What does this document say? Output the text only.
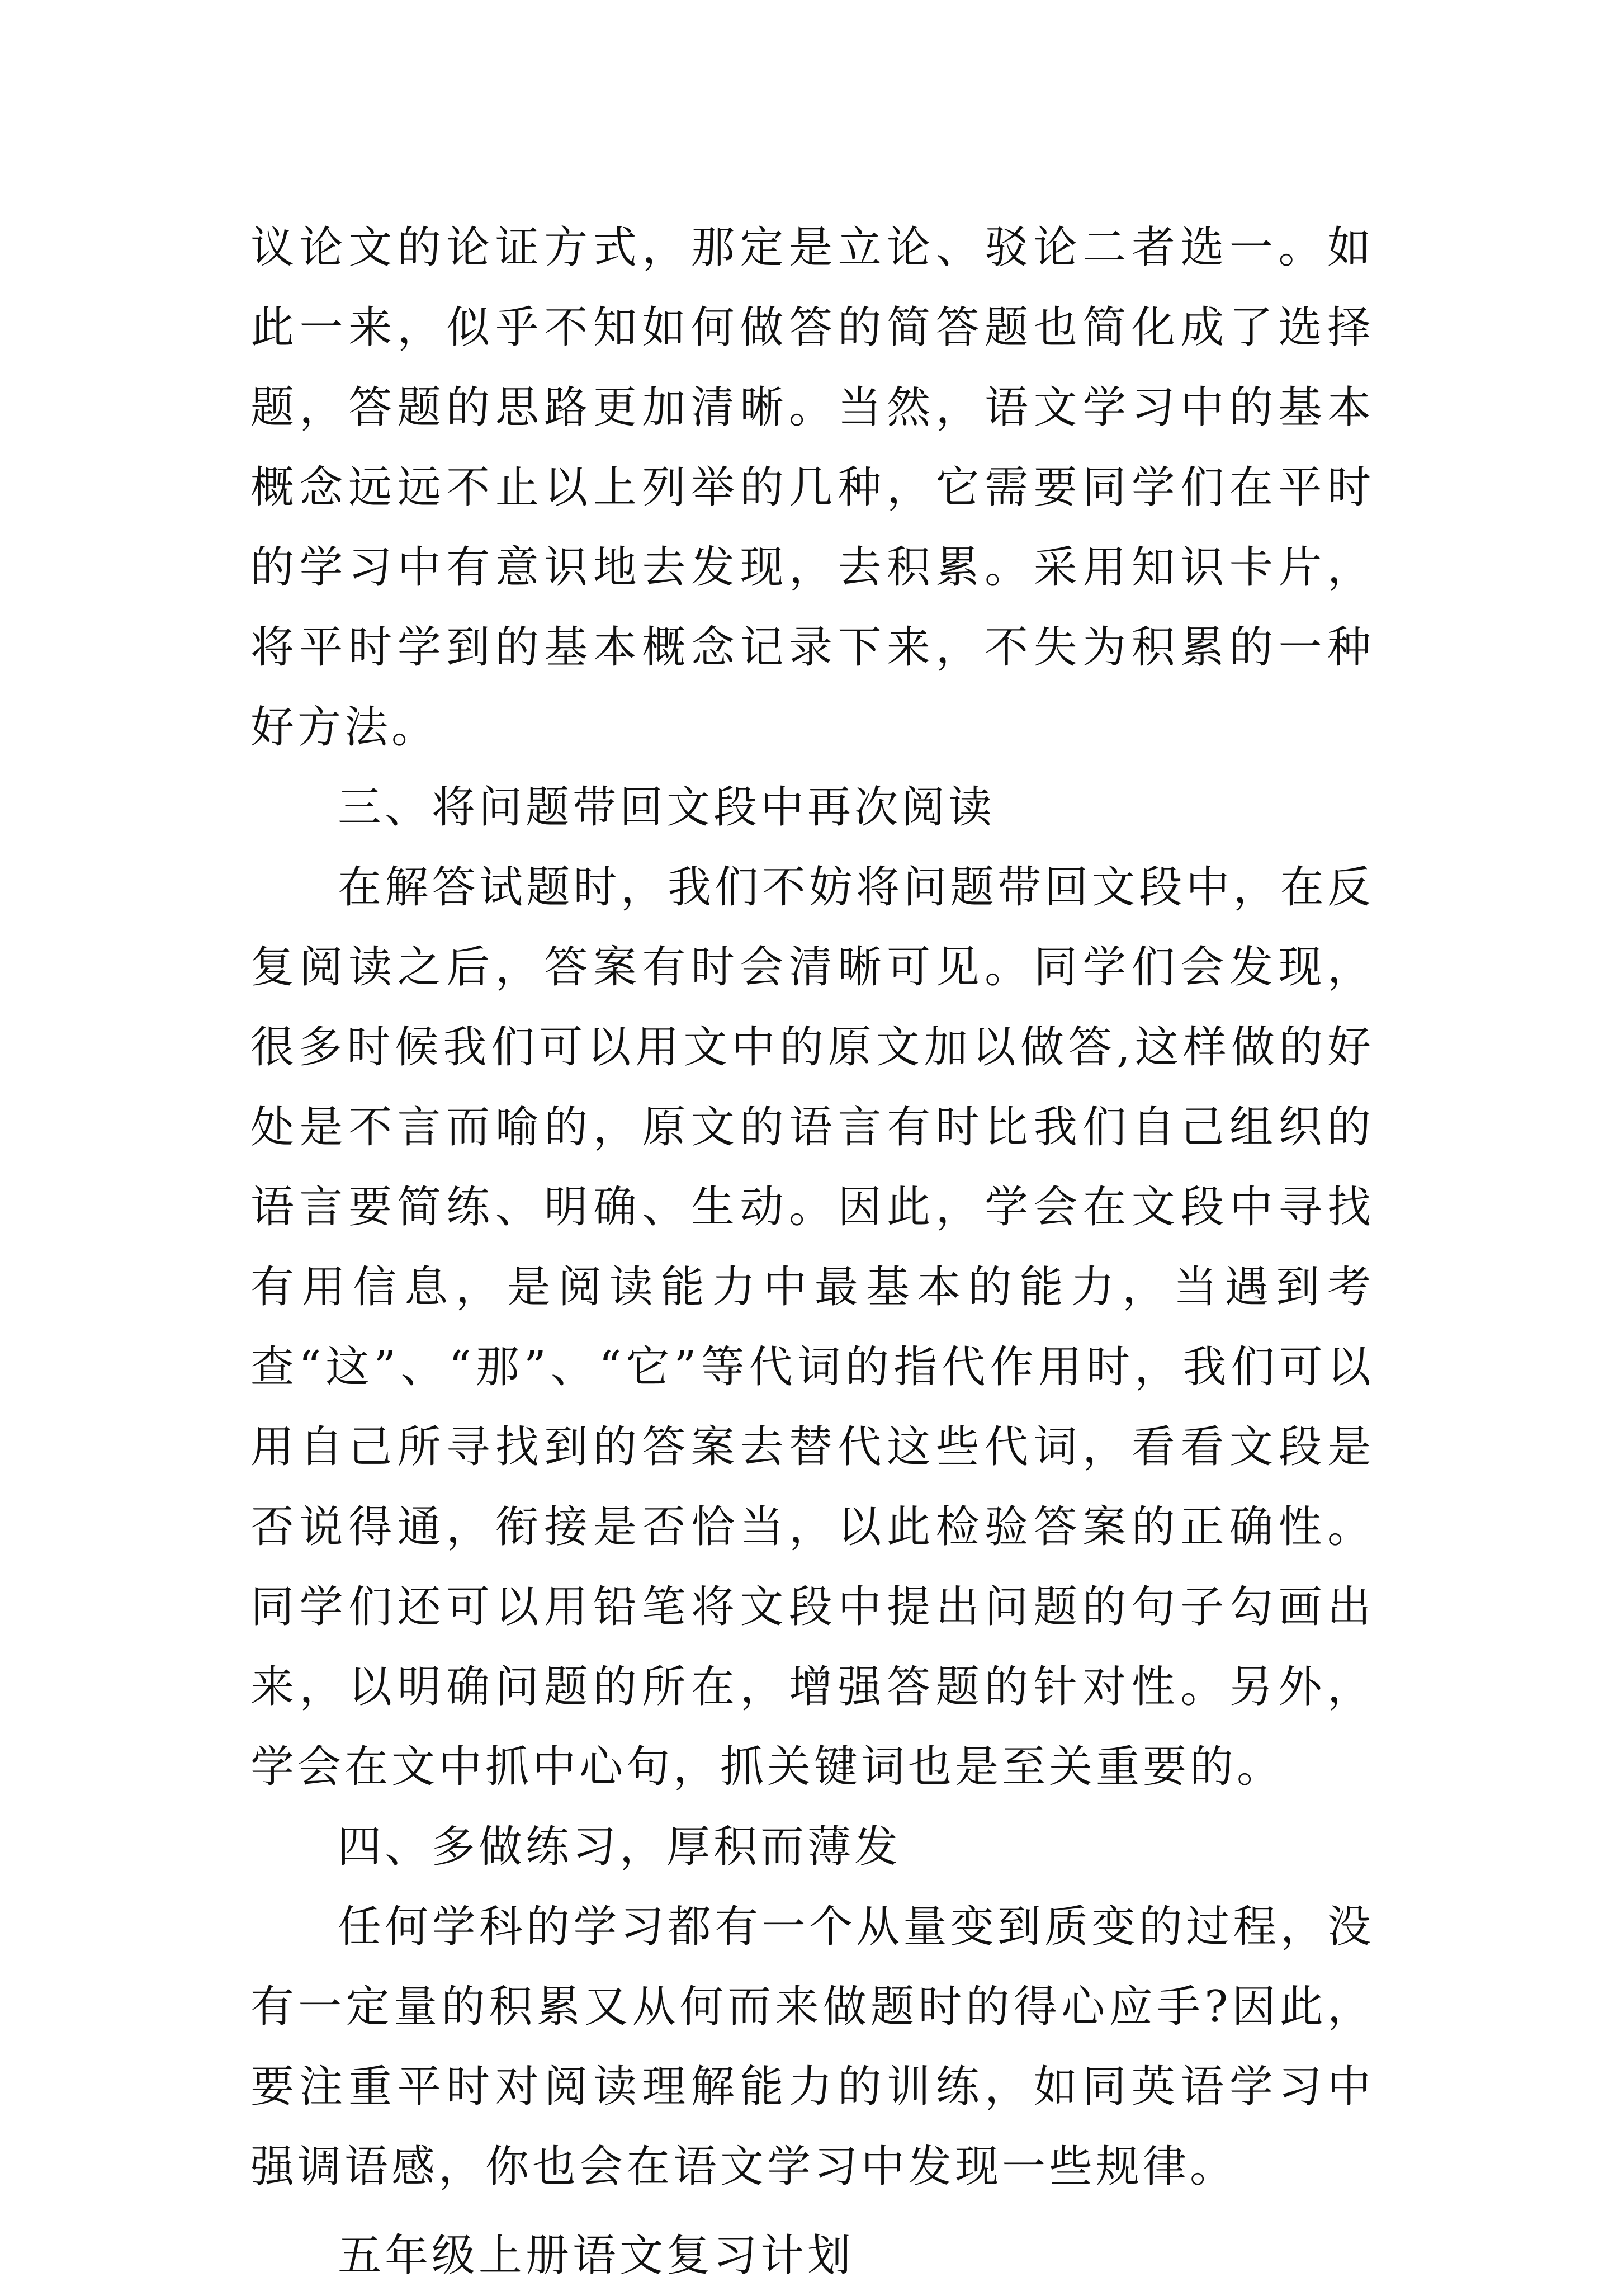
议论文的论证方式，那定是立论、驳论二者选一。如此一来，似乎不知如何做答的简答题也简化成了选择题，答题的思路更加清晰。当然，语文学习中的基本概念远远不止以上列举的几种，它需要同学们在平时的学习中有意识地去发现，去积累。采用知识卡片，将平时学到的基本概念记录下来，不失为积累的一种好方法。

三、将问题带回文段中再次阅读

在解答试题时，我们不妨将问题带回文段中，在反复阅读之后，答案有时会清晰可见。同学们会发现，很多时候我们可以用文中的原文加以做答,这样做的好处是不言而喻的，原文的语言有时比我们自己组织的语言要简练、明确、生动。因此，学会在文段中寻找有用信息，是阅读能力中最基本的能力，当遇到考查“这”、“那”、“它”等代词的指代作用时，我们可以用自己所寻找到的答案去替代这些代词，看看文段是否说得通，衔接是否恰当，以此检验答案的正确性。同学们还可以用铅笔将文段中提出问题的句子勾画出来，以明确问题的所在，增强答题的针对性。另外，学会在文中抓中心句，抓关键词也是至关重要的。

四、多做练习，厚积而薄发

任何学科的学习都有一个从量变到质变的过程，没有一定量的积累又从何而来做题时的得心应手?因此，要注重平时对阅读理解能力的训练，如同英语学习中强调语感，你也会在语文学习中发现一些规律。

五年级上册语文复习计划
